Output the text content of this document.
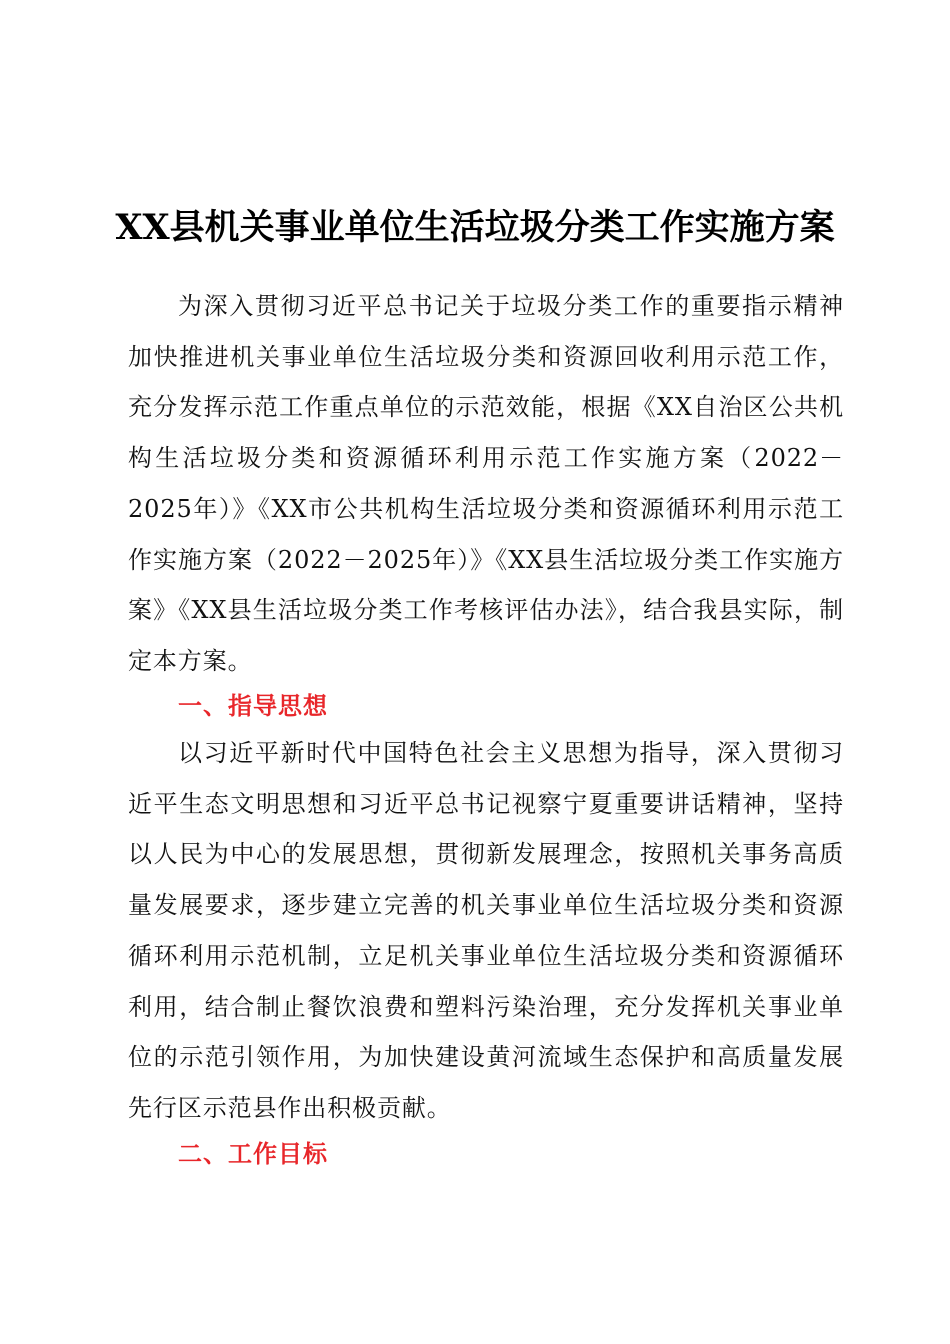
XX县机关事业单位生活垃圾分类工作实施方案

为深入贯彻习近平总书记关于垃圾分类工作的重要指示精神加快推进机关事业单位生活垃圾分类和资源回收利用示范工作，充分发挥示范工作重点单位的示范效能，根据《XX自治区公共机构生活垃圾分类和资源循环利用示范工作实施方案（2022－2025年）》《XX市公共机构生活垃圾分类和资源循环利用示范工作实施方案（2022－2025年）》《XX县生活垃圾分类工作实施方案》《XX县生活垃圾分类工作考核评估办法》，结合我县实际，制定本方案。

一、指导思想

以习近平新时代中国特色社会主义思想为指导，深入贯彻习近平生态文明思想和习近平总书记视察宁夏重要讲话精神，坚持以人民为中心的发展思想，贯彻新发展理念，按照机关事务高质量发展要求，逐步建立完善的机关事业单位生活垃圾分类和资源循环利用示范机制，立足机关事业单位生活垃圾分类和资源循环利用，结合制止餐饮浪费和塑料污染治理，充分发挥机关事业单位的示范引领作用，为加快建设黄河流域生态保护和高质量发展先行区示范县作出积极贡献。

二、工作目标
